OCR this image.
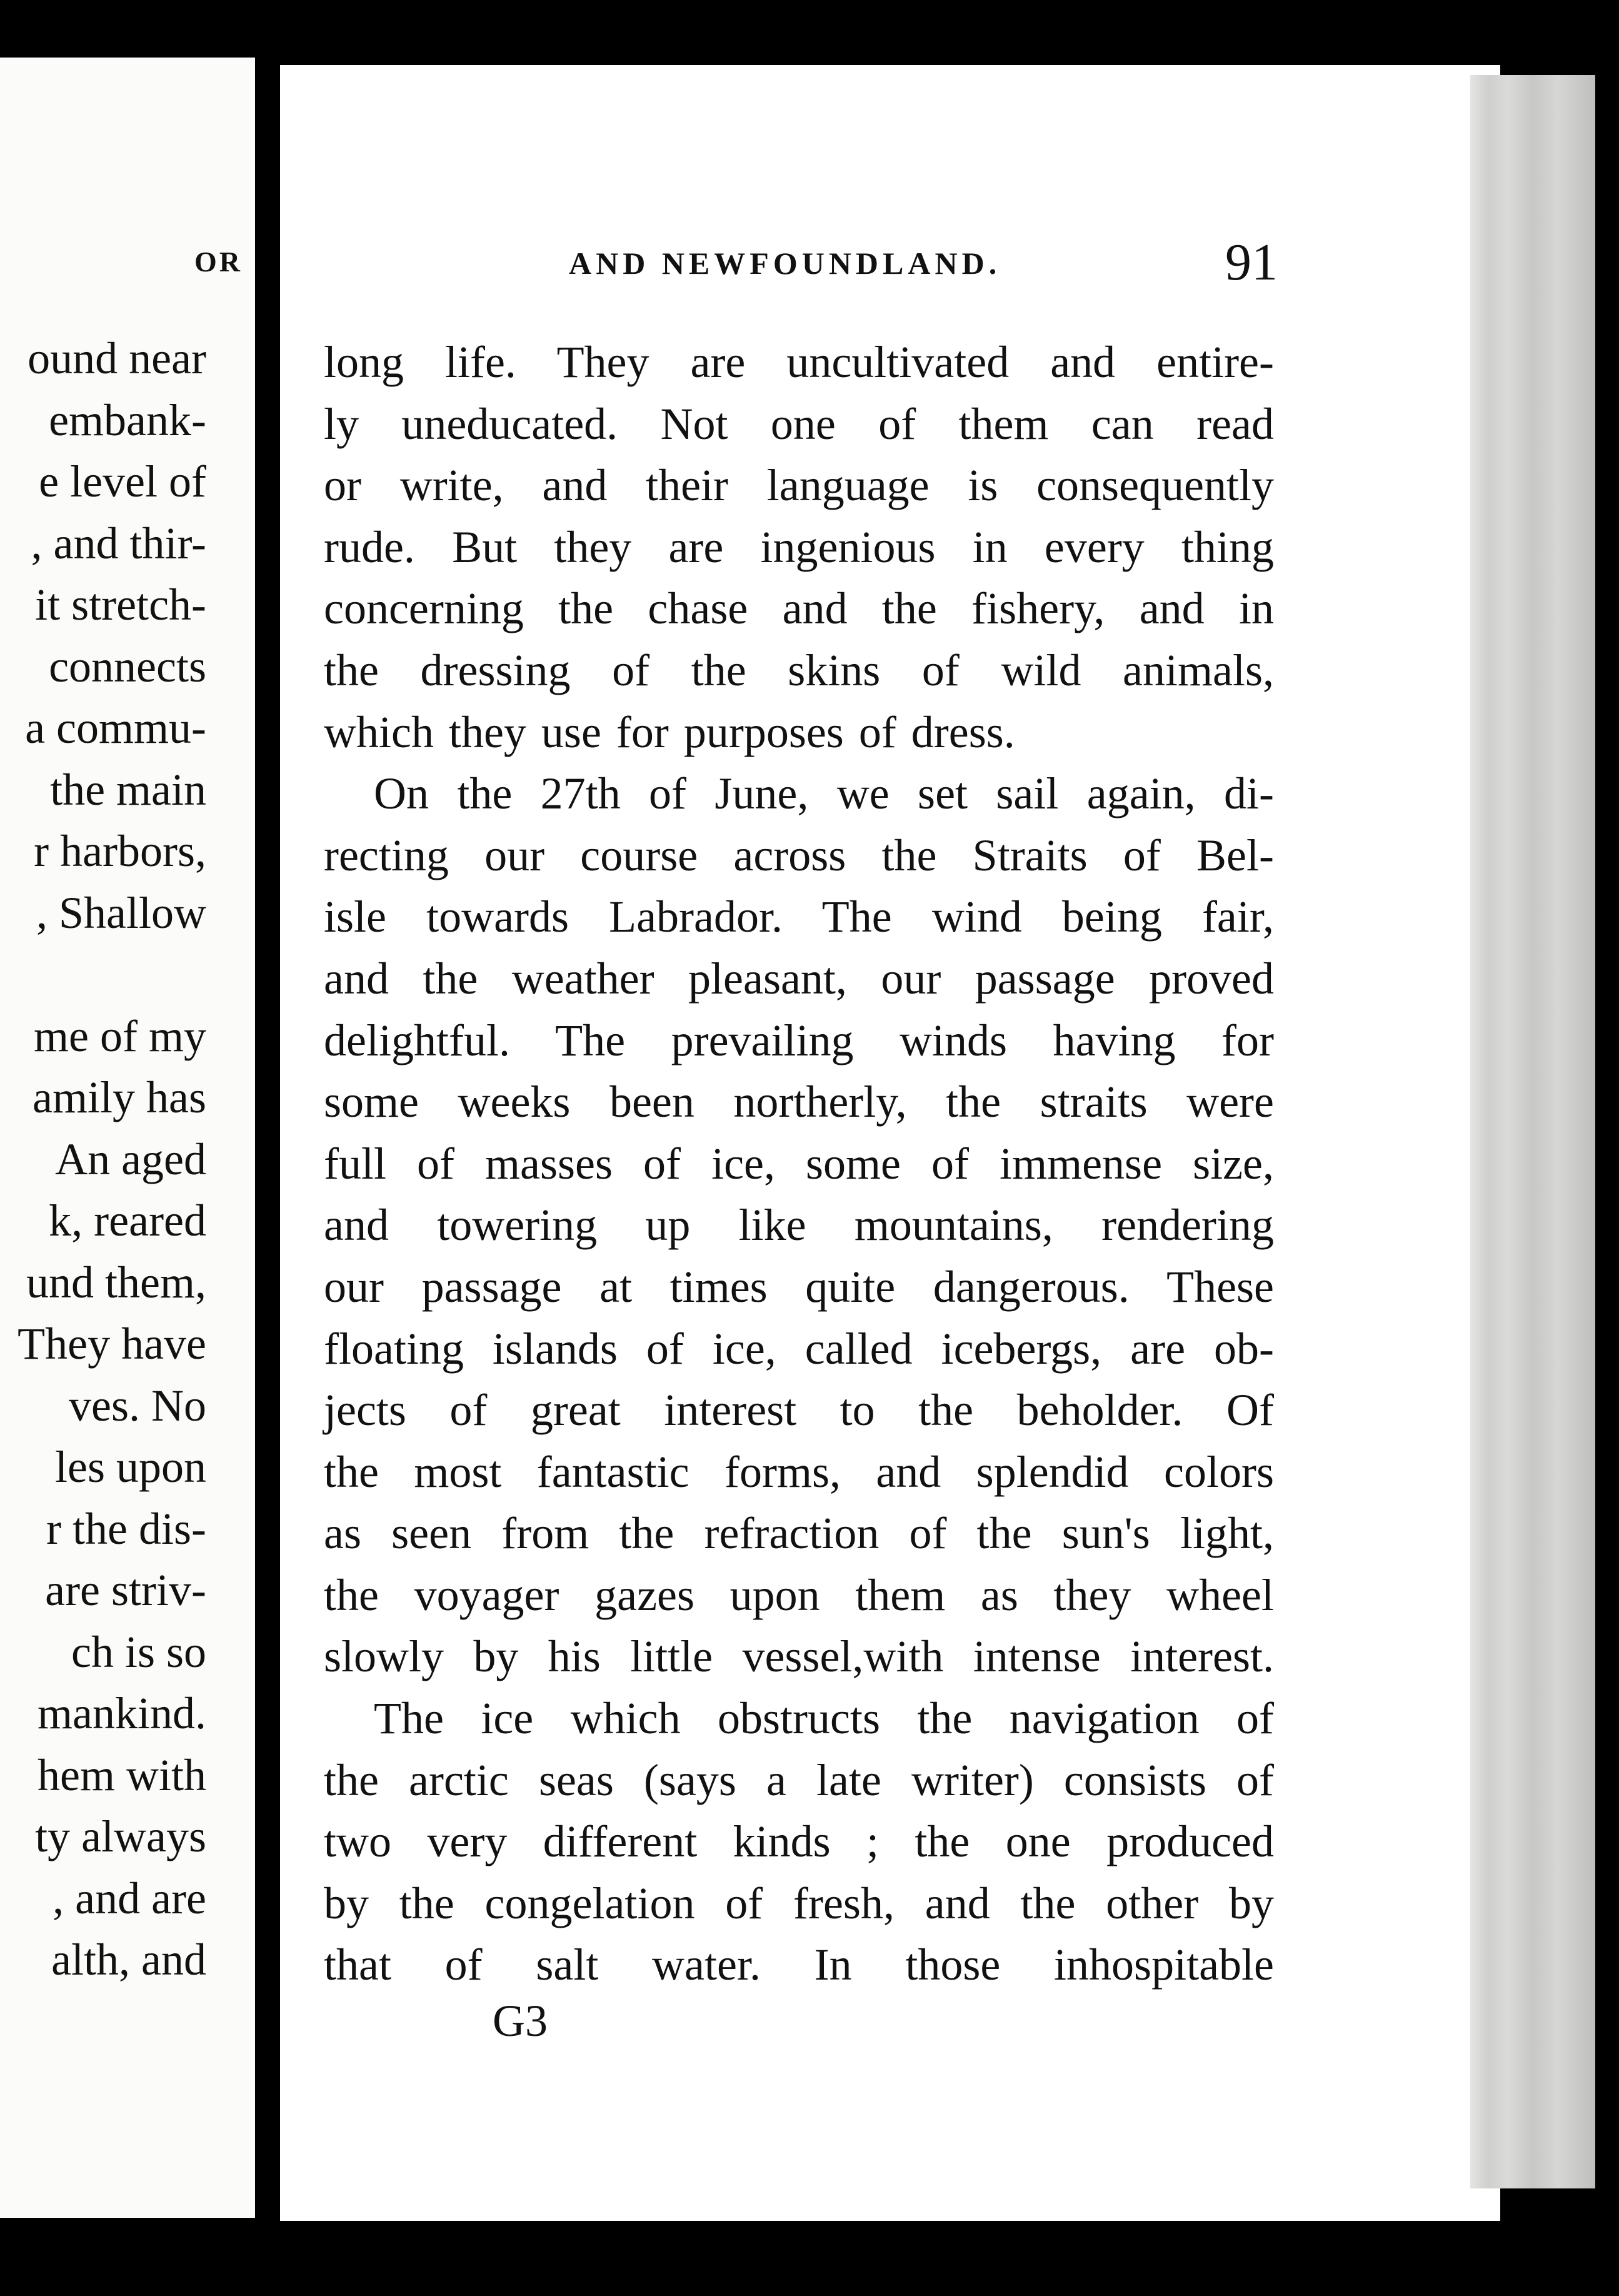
OR

ound near

embank-

e level of

, and thir-

it stretch-

connects

a commu-

the main

r harbors,

, Shallow

me of my

amily has

An aged

k, reared

und them,

They have

ves. No

les upon

r the dis-

are striv-

ch is so

mankind.

hem with

ty always

, and are

alth, and

AND NEWFOUNDLAND.	91

long life. They are uncultivated and entire-

ly uneducated. Not one of them can read

or write, and their language is consequently

rude. But they are ingenious in every thing

concerning the chase and the fishery, and in

the dressing of the skins of wild animals,

which they use for purposes of dress.

On the 27th of June, we set sail again, di-

recting our course across the Straits of Bel-

isle towards Labrador. The wind being fair,

and the weather pleasant, our passage proved

delightful. The prevailing winds having for

some weeks been northerly, the straits were

full of masses of ice, some of immense size,

and towering up like mountains, rendering

our passage at times quite dangerous. These

floating islands of ice, called icebergs, are ob-

jects of great interest to the beholder. Of

the most fantastic forms, and splendid colors

as seen from the refraction of the sun's light,

the voyager gazes upon them as they wheel

slowly by his little vessel,with intense interest.

The ice which obstructs the navigation of

the arctic seas (says a late writer) consists of

two very different kinds ; the one produced

by the congelation of fresh, and the other by

that of salt water. In those inhospitable

G3
